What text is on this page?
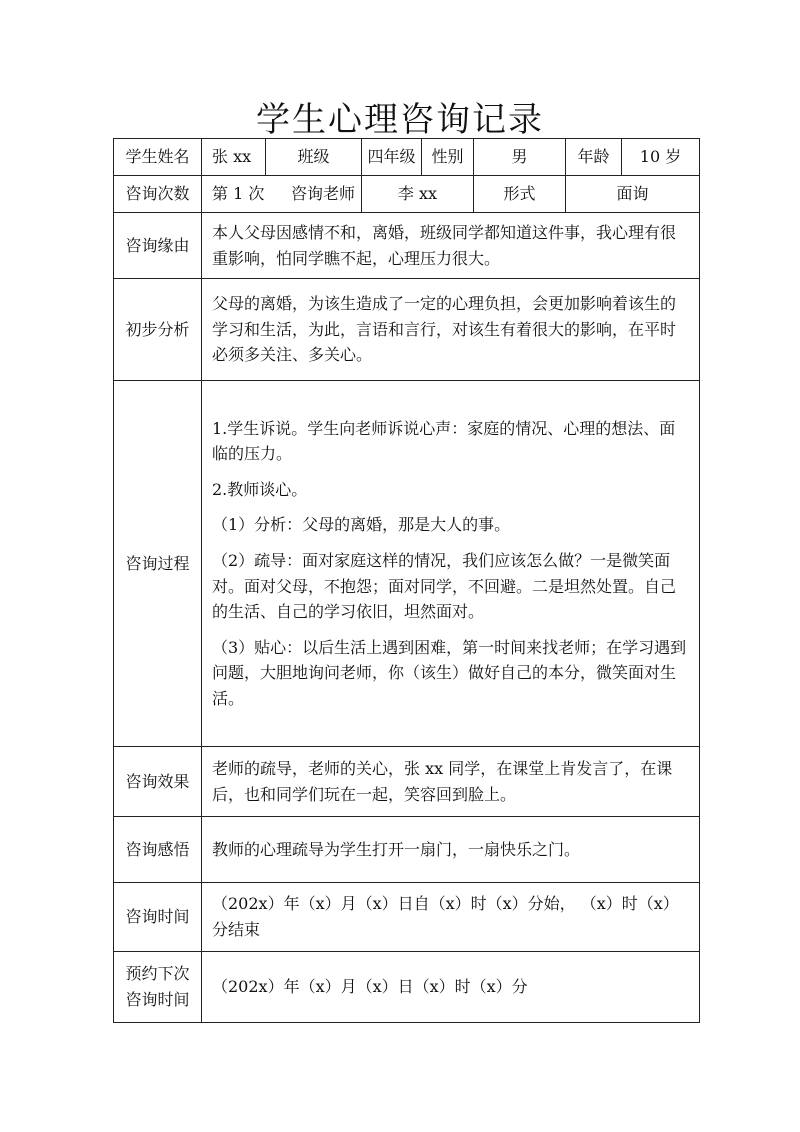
学生心理咨询记录
学生姓名	张 xx	班级	四年级	性别	男	年龄	10 岁
咨询次数	第 1 次 咨询老师		李 xx		形式	面询	
咨询缘由	本人父母因感情不和，离婚，班级同学都知道这件事，我心理有很重影响，怕同学瞧不起，心理压力很大。						
初步分析	父母的离婚，为该生造成了一定的心理负担，会更加影响着该生的学习和生活，为此，言语和言行，对该生有着很大的影响，在平时必须多关注、多关心。						
咨询过程	1.学生诉说。学生向老师诉说心声：家庭的情况、心理的想法、面临的压力。

2.教师谈心。

（1）分析：父母的离婚，那是大人的事。

（2）疏导：面对家庭这样的情况，我们应该怎么做？一是微笑面对。面对父母，不抱怨；面对同学，不回避。二是坦然处置。自己的生活、自己的学习依旧，坦然面对。

（3）贴心：以后生活上遇到困难，第一时间来找老师；在学习遇到问题，大胆地询问老师，你（该生）做好自己的本分，微笑面对生活。						

咨询效果	老师的疏导，老师的关心，张 xx 同学，在课堂上肯发言了，在课后，也和同学们玩在一起，笑容回到脸上。						
咨询感悟	教师的心理疏导为学生打开一扇门，一扇快乐之门。						
咨询时间	（202x）年（x）月（x）日自（x）时（x）分始， （x）时（x）分结束						

预约下次
咨询时间	（202x）年（x）月（x）日（x）时（x）分						
